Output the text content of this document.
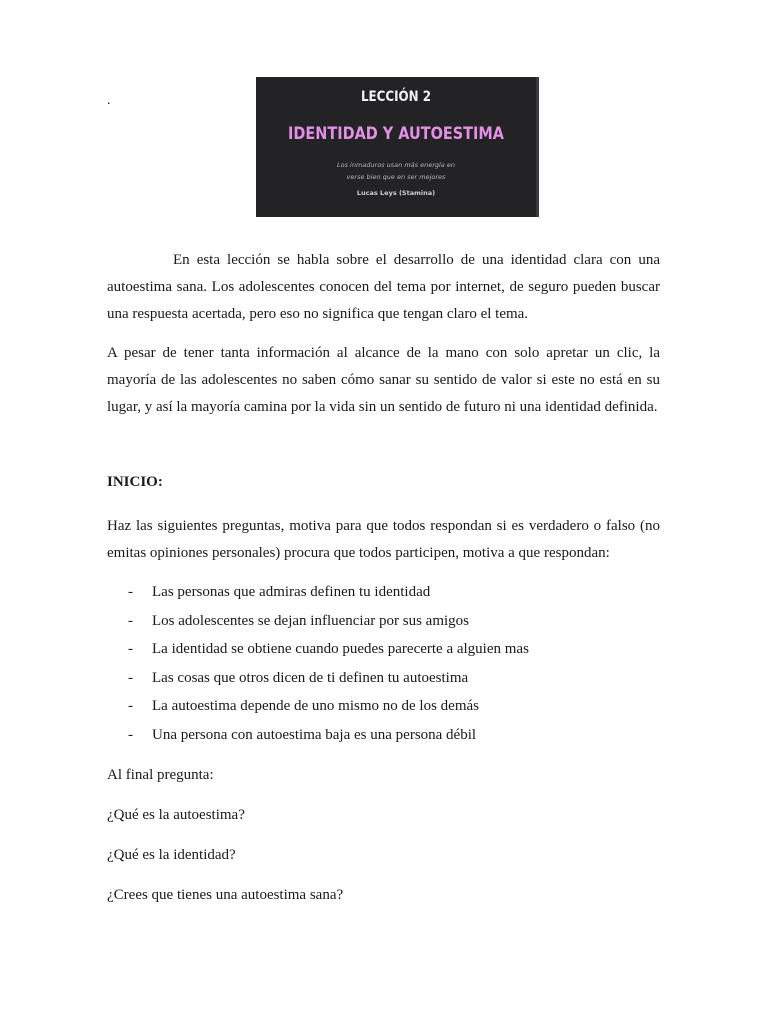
.	LECCIÓN 2
IDENTIDAD Y AUTOESTIMA
Los inmaduros usan más energía en
verse bien que en ser mejores
Lucas Leys (Stamina)

En esta lección se habla sobre el desarrollo de una identidad clara con una autoestima sana. Los adolescentes conocen del tema por internet, de seguro pueden buscar una respuesta acertada, pero eso no significa que tengan claro el tema.

A pesar de tener tanta información al alcance de la mano con solo apretar un clic, la mayoría de las adolescentes no saben cómo sanar su sentido de valor si este no está en su lugar, y así la mayoría camina por la vida sin un sentido de futuro ni una identidad definida.

INICIO:

Haz las siguientes preguntas, motiva para que todos respondan si es verdadero o falso (no emitas opiniones personales) procura que todos participen, motiva a que respondan:

- Las personas que admiras definen tu identidad
- Los adolescentes se dejan influenciar por sus amigos
- La identidad se obtiene cuando puedes parecerte a alguien mas
- Las cosas que otros dicen de ti definen tu autoestima
- La autoestima depende de uno mismo no de los demás
- Una persona con autoestima baja es una persona débil

Al final pregunta:

¿Qué es la autoestima?

¿Qué es la identidad?

¿Crees que tienes una autoestima sana?
